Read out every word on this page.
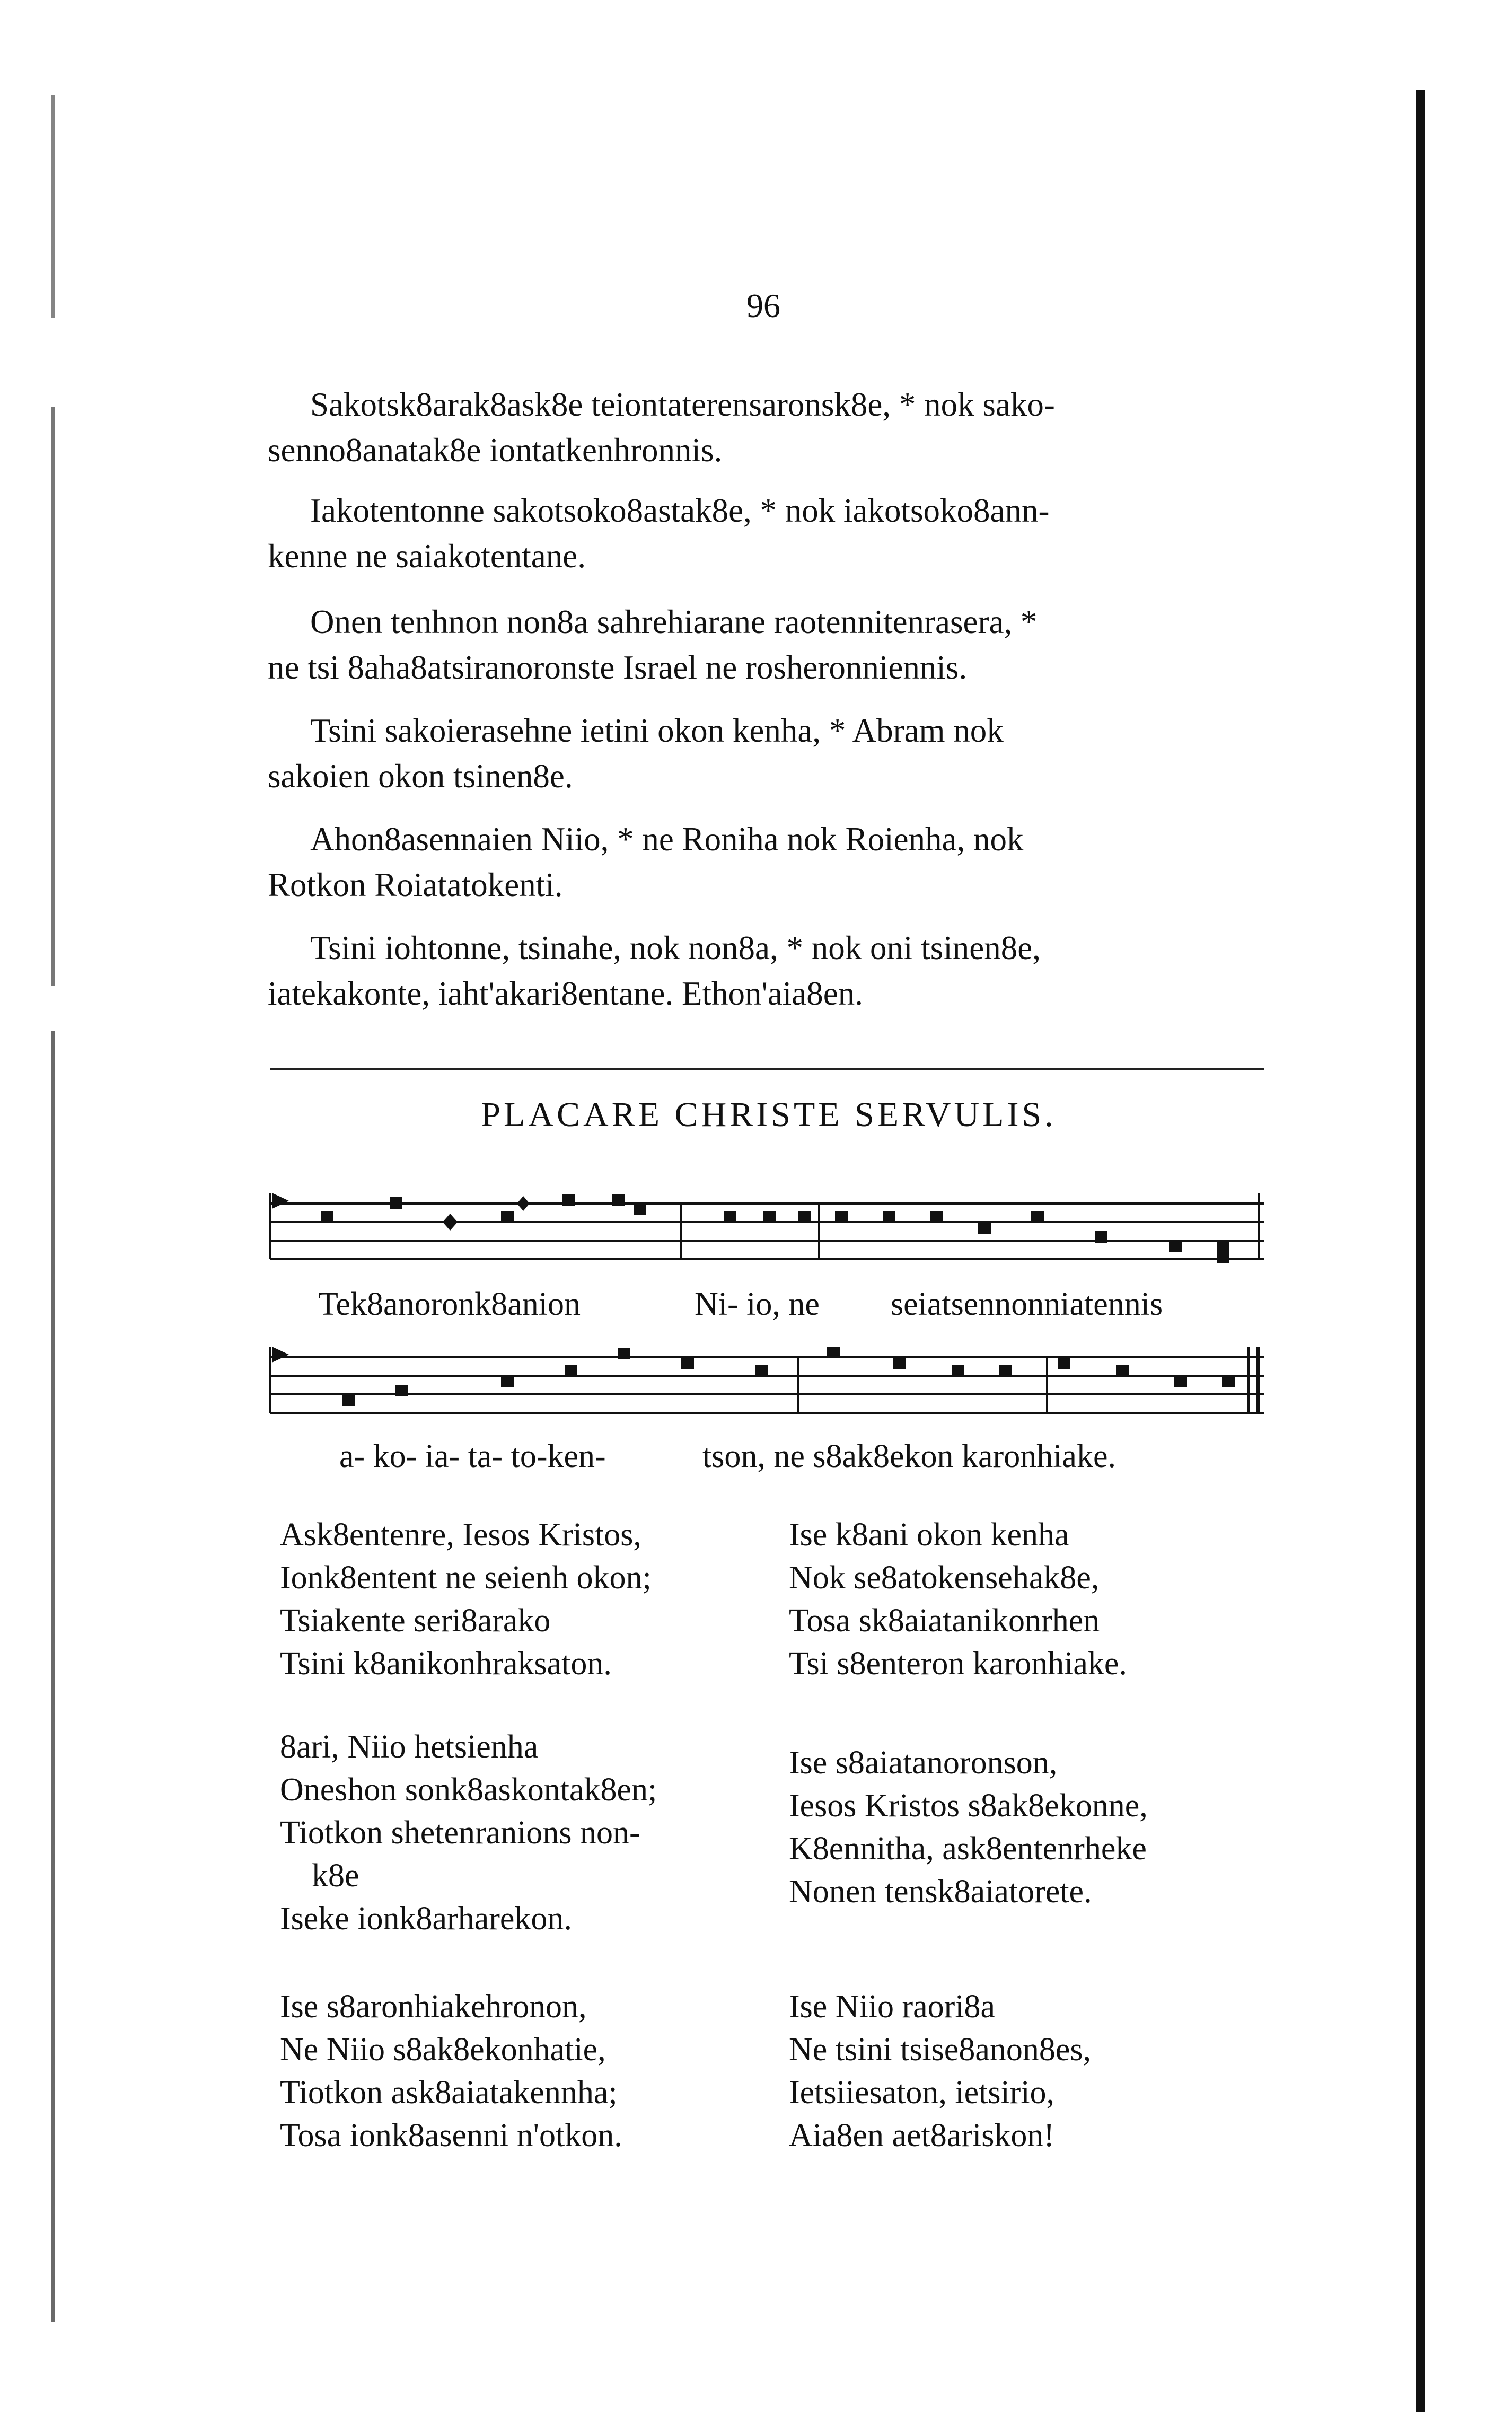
96
Sakotsk8arak8ask8e teiontaterensaronsk8e, * nok sako-
senno8anatak8e iontatkenhronnis.
Iakotentonne sakotsoko8astak8e, * nok iakotsoko8ann-
kenne ne saiakotentane.
Onen tenhnon non8a sahrehiarane raotennitenrasera, *
ne tsi 8aha8atsiranoronste Israel ne rosheronniennis.
Tsini sakoierasehne ietini okon kenha, * Abram nok
sakoien okon tsinen8e.
Ahon8asennaien Niio, * ne Roniha nok Roienha, nok
Rotkon Roiatatokenti.
Tsini iohtonne, tsinahe, nok non8a, * nok oni tsinen8e,
iatekakonte, iaht'akari8entane. Ethon'aia8en.
PLACARE CHRISTE SERVULIS.
Tek8anoronk8anion	Ni- io, ne seiatsennonniatennis
a- ko- ia- ta- to-ken-	tson, ne s8ak8ekon karonhiake.
Ask8entenre, Iesos Kristos,
Ionk8entent ne seienh okon;
Tsiakente seri8arako
Tsini k8anikonhraksaton.
8ari, Niio hetsienha
Oneshon sonk8askontak8en;
Tiotkon shetenranions non-
k8e
Iseke ionk8arharekon.
Ise s8aronhiakehronon,
Ne Niio s8ak8ekonhatie,
Tiotkon ask8aiatakennha;
Tosa ionk8asenni n'otkon.
Ise k8ani okon kenha
Nok se8atokensehak8e,
Tosa sk8aiatanikonrhen
Tsi s8enteron karonhiake.
Ise s8aiatanoronson,
Iesos Kristos s8ak8ekonne,
K8ennitha, ask8entenrheke
Nonen tensk8aiatorete.
Ise Niio raori8a
Ne tsini tsise8anon8es,
Ietsiiesaton, ietsirio,
Aia8en aet8ariskon!
